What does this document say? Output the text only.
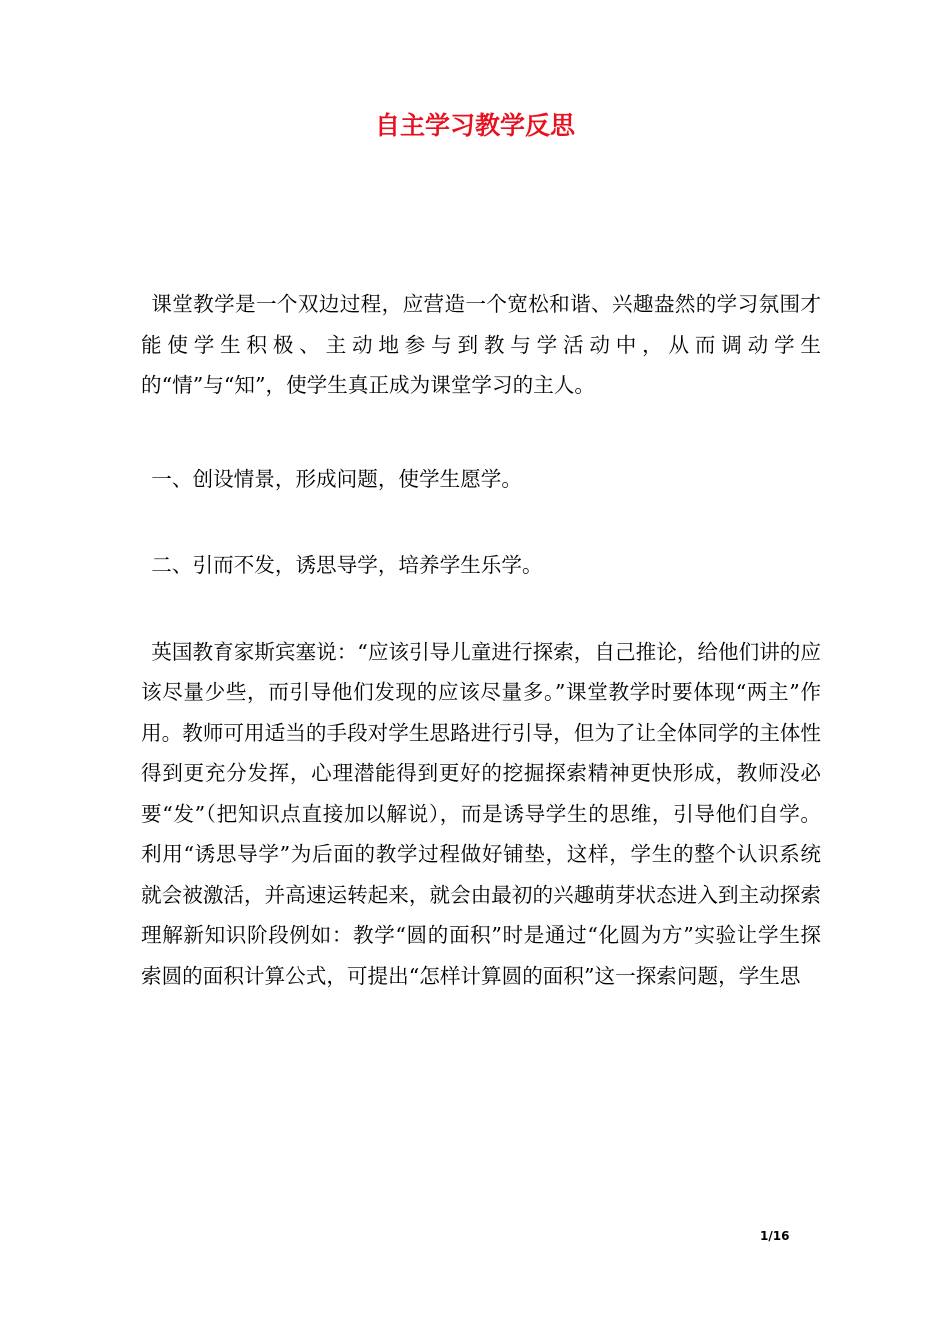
自主学习教学反思

课堂教学是一个双边过程，应营造一个宽松和谐、兴趣盎然的学习氛围才能使学生积极、主动地参与到教与学活动中，从而调动学生的“情”与“知”，使学生真正成为课堂学习的主人。

一、创设情景，形成问题，使学生愿学。

二、引而不发，诱思导学，培养学生乐学。

英国教育家斯宾塞说：“应该引导儿童进行探索，自己推论，给他们讲的应该尽量少些，而引导他们发现的应该尽量多。”课堂教学时要体现“两主”作用。教师可用适当的手段对学生思路进行引导，但为了让全体同学的主体性得到更充分发挥，心理潜能得到更好的挖掘探索精神更快形成，教师没必要“发”（把知识点直接加以解说），而是诱导学生的思维，引导他们自学。利用“诱思导学”为后面的教学过程做好铺垫，这样，学生的整个认识系统就会被激活，并高速运转起来，就会由最初的兴趣萌芽状态进入到主动探索理解新知识阶段例如：教学“圆的面积”时是通过“化圆为方”实验让学生探索圆的面积计算公式，可提出“怎样计算圆的面积”这一探索问题，学生思

1/16
